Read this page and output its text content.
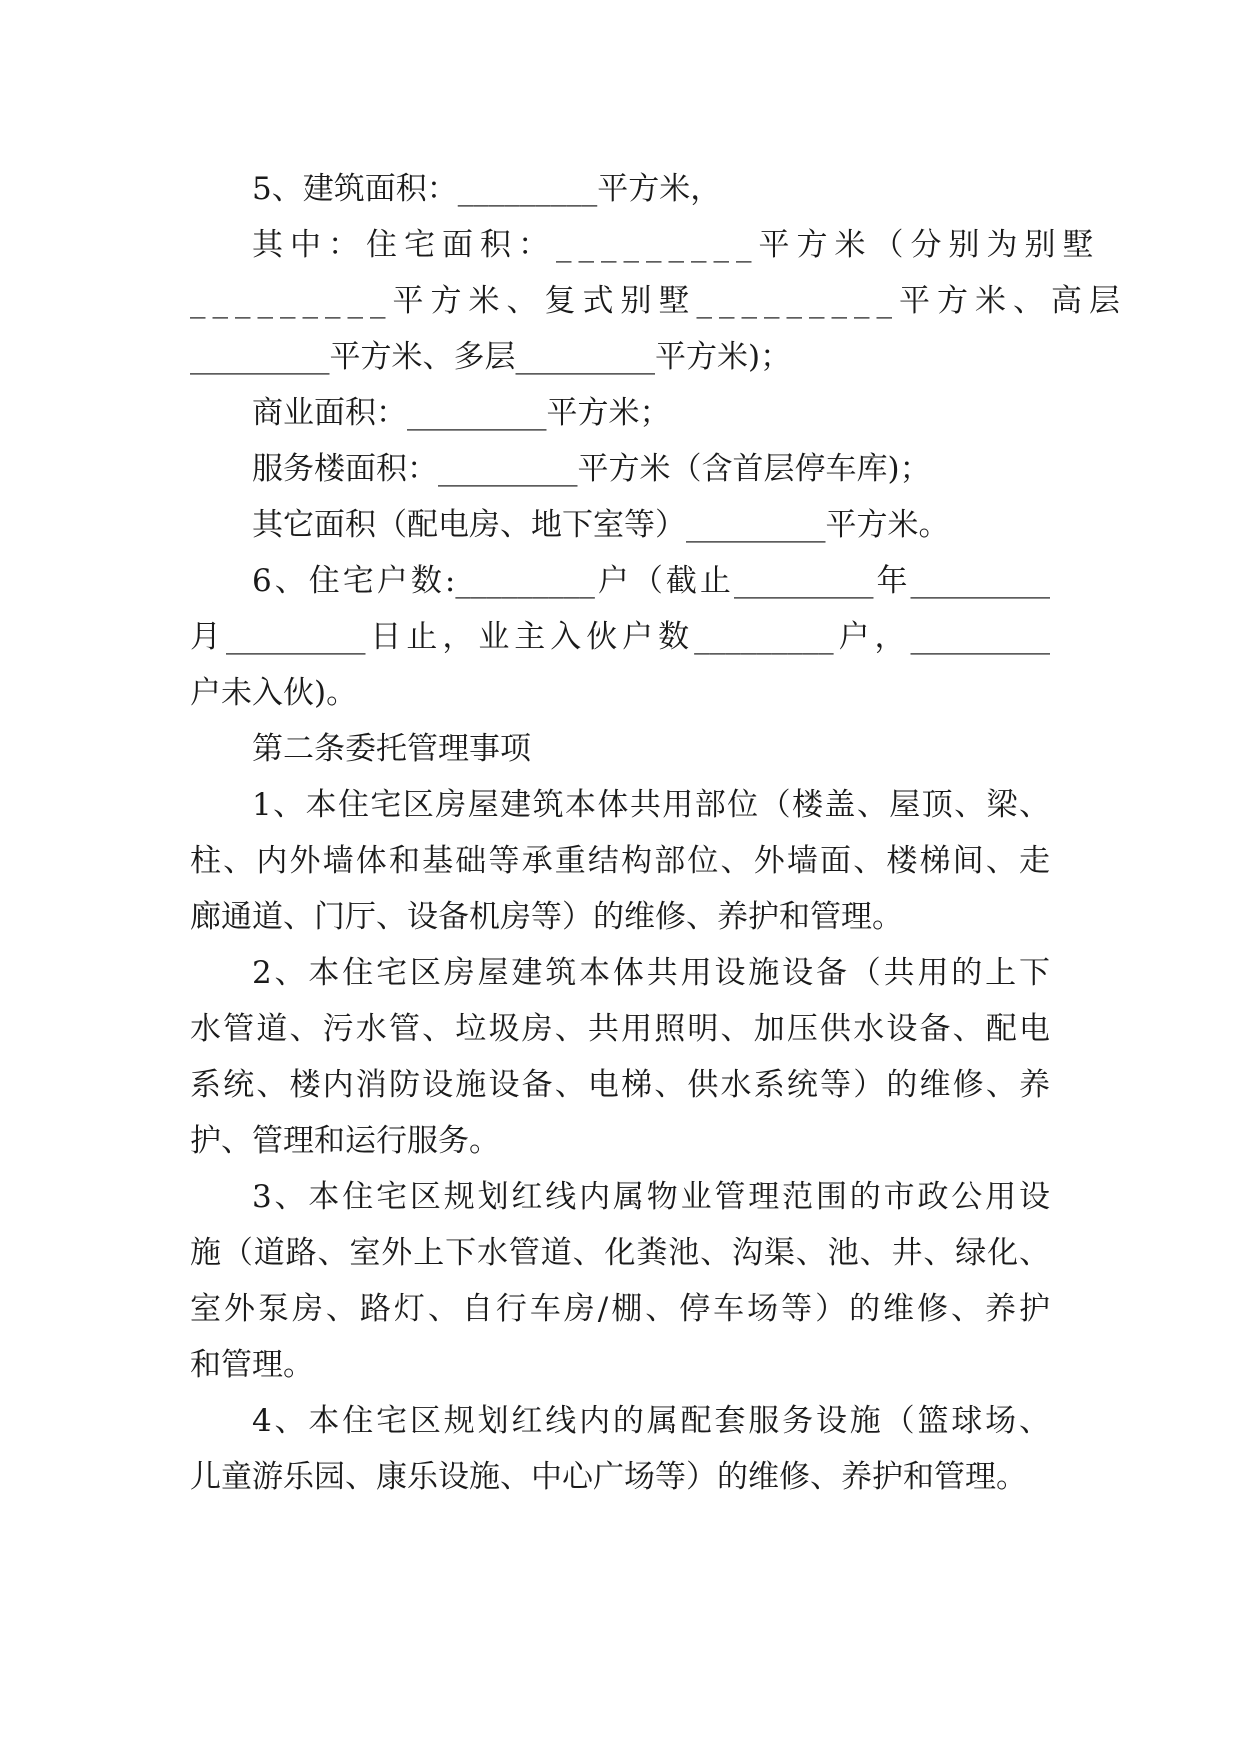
5、建筑面积：_________平方米，
其中：住宅面积：_________平方米（分别为别墅
_________平方米、复式别墅_________平方米、高层
_________平方米、多层_________平方米)；
商业面积：_________平方米；
服务楼面积：_________平方米（含首层停车库)；
其它面积（配电房、地下室等）_________平方米。
6、住宅户数:_________户（截止_________年_________
月_________日止，业主入伙户数_________户，_________
户未入伙)。
第二条委托管理事项
1、本住宅区房屋建筑本体共用部位（楼盖、屋顶、梁、
柱、内外墙体和基础等承重结构部位、外墙面、楼梯间、走
廊通道、门厅、设备机房等）的维修、养护和管理。
2、本住宅区房屋建筑本体共用设施设备（共用的上下
水管道、污水管、垃圾房、共用照明、加压供水设备、配电
系统、楼内消防设施设备、电梯、供水系统等）的维修、养
护、管理和运行服务。
3、本住宅区规划红线内属物业管理范围的市政公用设
施（道路、室外上下水管道、化粪池、沟渠、池、井、绿化、
室外泵房、路灯、自行车房/棚、停车场等）的维修、养护
和管理。
4、本住宅区规划红线内的属配套服务设施（篮球场、
儿童游乐园、康乐设施、中心广场等）的维修、养护和管理。
